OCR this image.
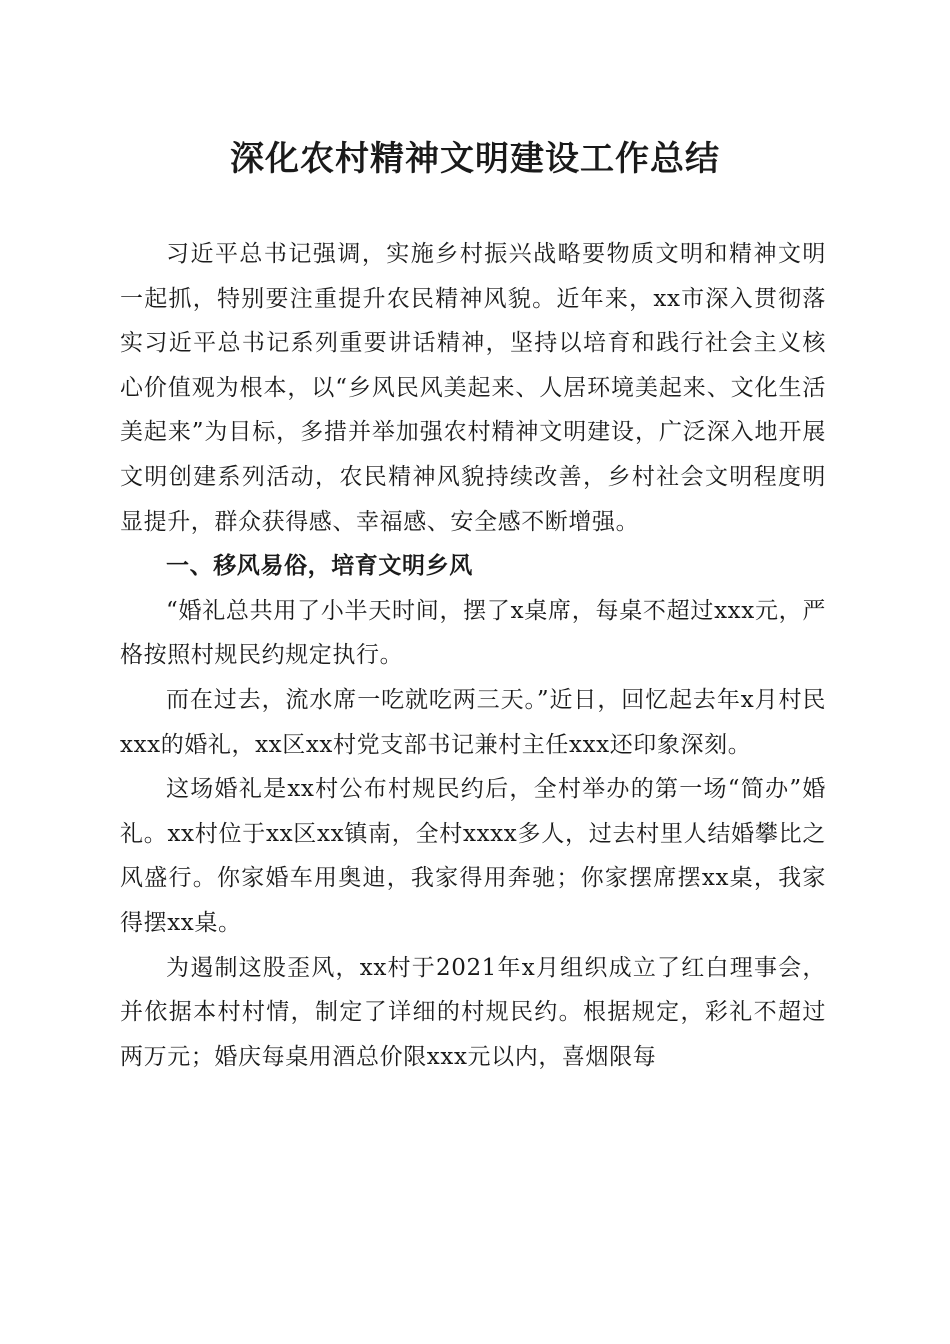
深化农村精神文明建设工作总结

习近平总书记强调，实施乡村振兴战略要物质文明和精神文明一起抓，特别要注重提升农民精神风貌。近年来，xx市深入贯彻落实习近平总书记系列重要讲话精神，坚持以培育和践行社会主义核心价值观为根本，以“乡风民风美起来、人居环境美起来、文化生活美起来”为目标，多措并举加强农村精神文明建设，广泛深入地开展文明创建系列活动，农民精神风貌持续改善，乡村社会文明程度明显提升，群众获得感、幸福感、安全感不断增强。

一、移风易俗，培育文明乡风

“婚礼总共用了小半天时间，摆了x桌席，每桌不超过xxx元，严格按照村规民约规定执行。

而在过去，流水席一吃就吃两三天。”近日，回忆起去年x月村民xxx的婚礼，xx区xx村党支部书记兼村主任xxx还印象深刻。

这场婚礼是xx村公布村规民约后，全村举办的第一场“简办”婚礼。xx村位于xx区xx镇南，全村xxxx多人，过去村里人结婚攀比之风盛行。你家婚车用奥迪，我家得用奔驰；你家摆席摆xx桌，我家得摆xx桌。

为遏制这股歪风，xx村于2021年x月组织成立了红白理事会，并依据本村村情，制定了详细的村规民约。根据规定，彩礼不超过两万元；婚庆每桌用酒总价限xxx元以内，喜烟限每
